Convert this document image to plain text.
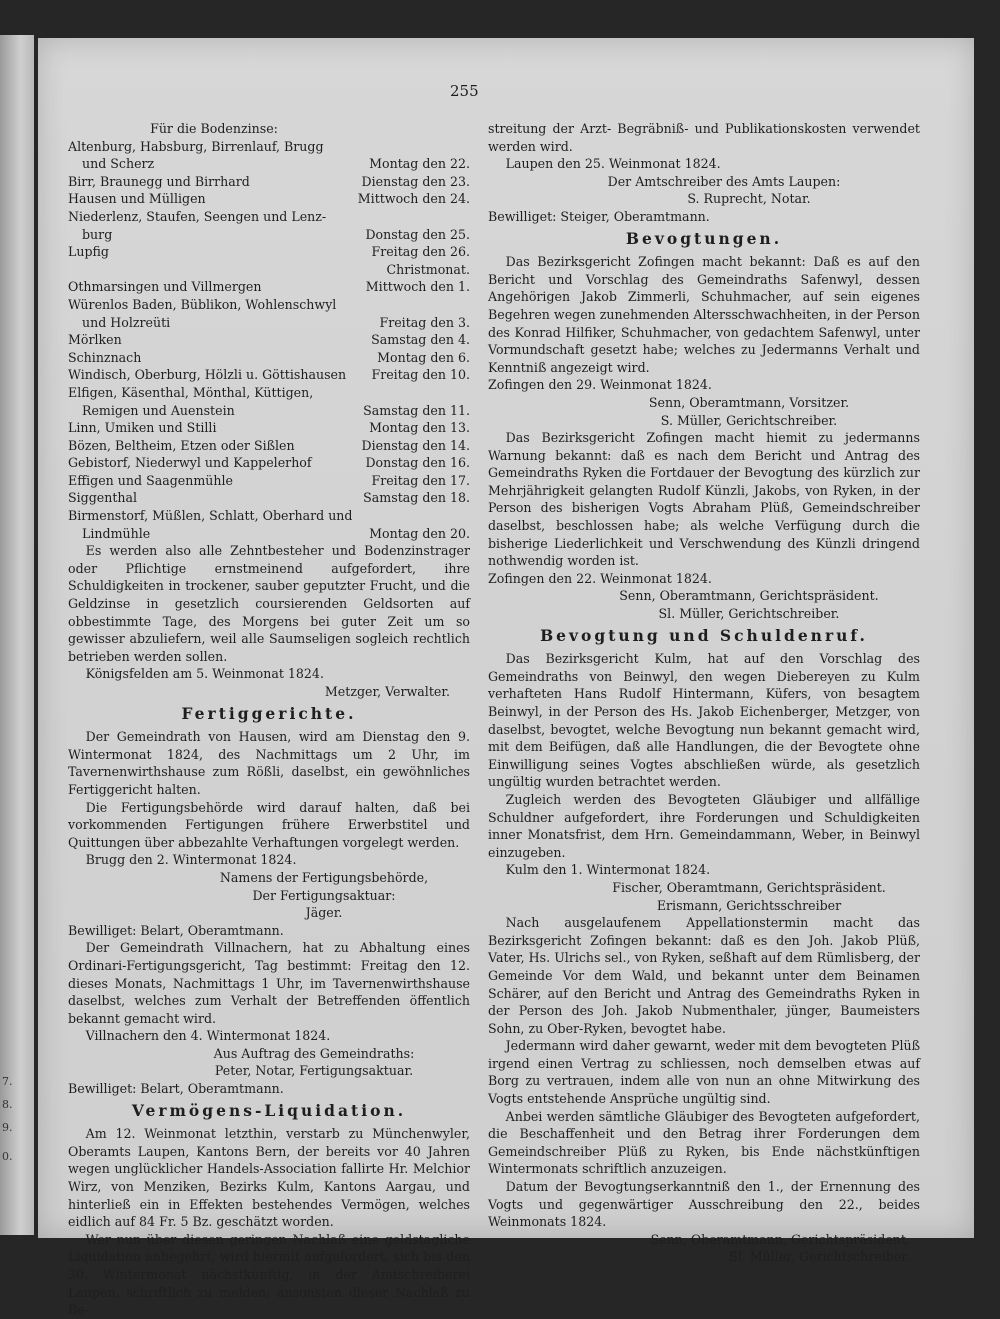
7.
8.
9.
0.
255
Für die Bodenzinse:
Altenburg, Habsburg, Birrenlauf, Brugg
und Scherz	Montag den 22.
Birr, Braunegg und Birrhard	Dienstag den 23.
Hausen und Mülligen	Mittwoch den 24.
Niederlenz, Staufen, Seengen und Lenz-
burg	Donstag den 25.
Lupfig	Freitag den 26.
Christmonat.
Othmarsingen und Villmergen	Mittwoch den 1.
Würenlos Baden, Büblikon, Wohlenschwyl
und Holzreüti	Freitag den 3.
Mörlken	Samstag den 4.
Schinznach	Montag den 6.
Windisch, Oberburg, Hölzli u. Göttishausen Freitag den 10.
Elfigen, Käsenthal, Mönthal, Küttigen,
Remigen und Auenstein	Samstag den 11.
Linn, Umiken und Stilli	Montag den 13.
Bözen, Beltheim, Etzen oder Sißlen	Dienstag den 14.
Gebistorf, Niederwyl und Kappelerhof	Donstag den 16.
Effigen und Saagenmühle	Freitag den 17.
Siggenthal	Samstag den 18.
Birmenstorf, Müßlen, Schlatt, Oberhard und
Lindmühle	Montag den 20.

Es werden also alle Zehntbesteher und Bodenzinstrager oder Pflichtige ernstmeinend aufgefordert, ihre Schuldigkeiten in trockener, sauber geputzter Frucht, und die Geldzinse in gesetzlich coursierenden Geldsorten auf obbestimmte Tage, des Morgens bei guter Zeit um so gewisser abzuliefern, weil alle Saumseligen sogleich rechtlich betrieben werden sollen.

Königsfelden am 5. Weinmonat 1824.

Metzger, Verwalter.

Fertiggerichte.

Der Gemeindrath von Hausen, wird am Dienstag den 9. Wintermonat 1824, des Nachmittags um 2 Uhr, im Tavernenwirthshause zum Rößli, daselbst, ein gewöhnliches Fertiggericht halten.

Die Fertigungsbehörde wird darauf halten, daß bei vorkommenden Fertigungen frühere Erwerbstitel und Quittungen über abbezahlte Verhaftungen vorgelegt werden.

Brugg den 2. Wintermonat 1824.

Namens der Fertigungsbehörde,

Der Fertigungsaktuar:

Jäger.

Bewilliget: Belart, Oberamtmann.

Der Gemeindrath Villnachern, hat zu Abhaltung eines Ordinari-Fertigungsgericht, Tag bestimmt: Freitag den 12. dieses Monats, Nachmittags 1 Uhr, im Tavernenwirthshause daselbst, welches zum Verhalt der Betreffenden öffentlich bekannt gemacht wird.

Villnachern den 4. Wintermonat 1824.

Aus Auftrag des Gemeindraths:

Peter, Notar, Fertigungsaktuar.

Bewilliget: Belart, Oberamtmann.

Vermögens-Liquidation.

Am 12. Weinmonat letzthin, verstarb zu Münchenwyler, Oberamts Laupen, Kantons Bern, der bereits vor 40 Jahren wegen unglücklicher Handels-Association fallirte Hr. Melchior Wirz, von Menziken, Bezirks Kulm, Kantons Aargau, und hinterließ ein in Effekten bestehendes Vermögen, welches eidlich auf 84 Fr. 5 Bz. geschätzt worden.

Wer nun über diesen geringen Nachlaß eine geldstagliche Liquidation anbegehrt, wird hiermit aufgefordert, sich bis den 30. Wintermonat nächstkünftig, in der Amtschreiberei Laupen, schriftlich zu melden; ansonsten dieser Nachlaß zu Be-

streitung der Arzt- Begräbniß- und Publikationskosten verwendet werden wird.

Laupen den 25. Weinmonat 1824.

Der Amtschreiber des Amts Laupen:

S. Ruprecht, Notar.

Bewilliget: Steiger, Oberamtmann.

Bevogtungen.

Das Bezirksgericht Zofingen macht bekannt: Daß es auf den Bericht und Vorschlag des Gemeindraths Safenwyl, dessen Angehörigen Jakob Zimmerli, Schuhmacher, auf sein eigenes Begehren wegen zunehmenden Altersschwachheiten, in der Person des Konrad Hilfiker, Schuhmacher, von gedachtem Safenwyl, unter Vormundschaft gesetzt habe; welches zu Jedermanns Verhalt und Kenntniß angezeigt wird.

Zofingen den 29. Weinmonat 1824.

Senn, Oberamtmann, Vorsitzer.

S. Müller, Gerichtschreiber.

Das Bezirksgericht Zofingen macht hiemit zu jedermanns Warnung bekannt: daß es nach dem Bericht und Antrag des Gemeindraths Ryken die Fortdauer der Bevogtung des kürzlich zur Mehrjährigkeit gelangten Rudolf Künzli, Jakobs, von Ryken, in der Person des bisherigen Vogts Abraham Plüß, Gemeindschreiber daselbst, beschlossen habe; als welche Verfügung durch die bisherige Liederlichkeit und Verschwendung des Künzli dringend nothwendig worden ist.

Zofingen den 22. Weinmonat 1824.

Senn, Oberamtmann, Gerichtspräsident.

Sl. Müller, Gerichtschreiber.

Bevogtung und Schuldenruf.

Das Bezirksgericht Kulm, hat auf den Vorschlag des Gemeindraths von Beinwyl, den wegen Diebereyen zu Kulm verhafteten Hans Rudolf Hintermann, Küfers, von besagtem Beinwyl, in der Person des Hs. Jakob Eichenberger, Metzger, von daselbst, bevogtet, welche Bevogtung nun bekannt gemacht wird, mit dem Beifügen, daß alle Handlungen, die der Bevogtete ohne Einwilligung seines Vogtes abschließen würde, als gesetzlich ungültig wurden betrachtet werden.

Zugleich werden des Bevogteten Gläubiger und allfällige Schuldner aufgefordert, ihre Forderungen und Schuldigkeiten inner Monatsfrist, dem Hrn. Gemeindammann, Weber, in Beinwyl einzugeben.

Kulm den 1. Wintermonat 1824.

Fischer, Oberamtmann, Gerichtspräsident.

Erismann, Gerichtsschreiber

Nach ausgelaufenem Appellationstermin macht das Bezirksgericht Zofingen bekannt: daß es den Joh. Jakob Plüß, Vater, Hs. Ulrichs sel., von Ryken, seßhaft auf dem Rümlisberg, der Gemeinde Vor dem Wald, und bekannt unter dem Beinamen Schärer, auf den Bericht und Antrag des Gemeindraths Ryken in der Person des Joh. Jakob Nubmenthaler, jünger, Baumeisters Sohn, zu Ober-Ryken, bevogtet habe.

Jedermann wird daher gewarnt, weder mit dem bevogteten Plüß irgend einen Vertrag zu schliessen, noch demselben etwas auf Borg zu vertrauen, indem alle von nun an ohne Mitwirkung des Vogts entstehende Ansprüche ungültig sind.

Anbei werden sämtliche Gläubiger des Bevogteten aufgefordert, die Beschaffenheit und den Betrag ihrer Forderungen dem Gemeindschreiber Plüß zu Ryken, bis Ende nächstkünftigen Wintermonats schriftlich anzuzeigen.

Datum der Bevogtungserkanntniß den 1., der Ernennung des Vogts und gegenwärtiger Ausschreibung den 22., beides Weinmonats 1824.

Senn, Oberamtmann, Gerichtspräsident.

Sl. Müller, Gerichtschreiber.
